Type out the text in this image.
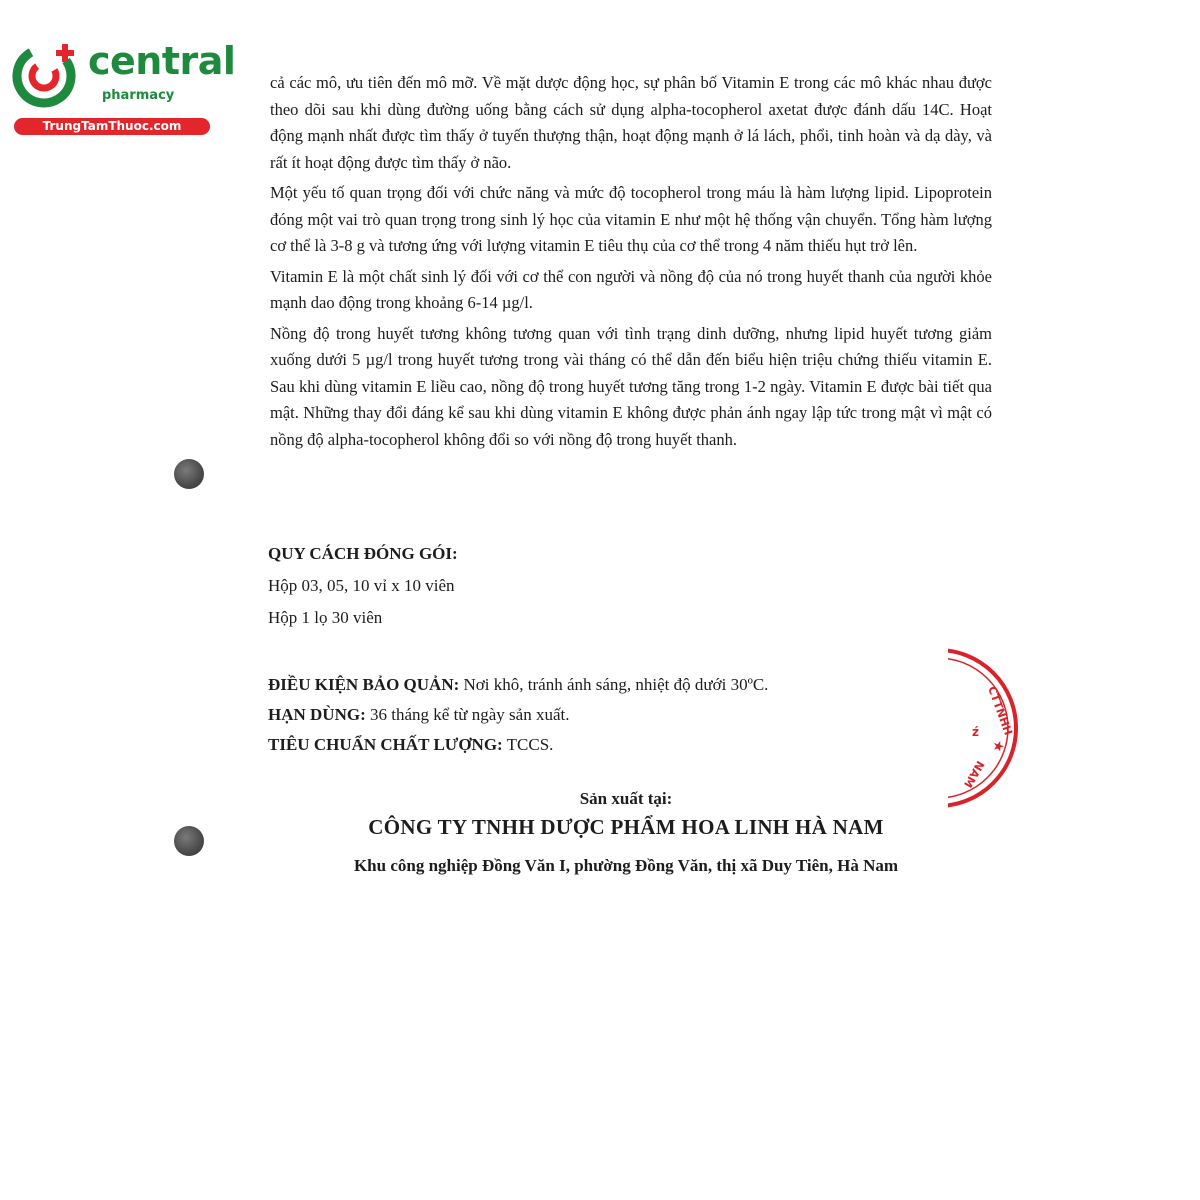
central
pharmacy
TrungTamThuoc.com

cả các mô, ưu tiên đến mô mỡ. Về mặt dược động học, sự phân bố Vitamin E trong các mô khác nhau được theo dõi sau khi dùng đường uống bằng cách sử dụng alpha-tocopherol axetat được đánh dấu 14C. Hoạt động mạnh nhất được tìm thấy ở tuyến thượng thận, hoạt động mạnh ở lá lách, phổi, tinh hoàn và dạ dày, và rất ít hoạt động được tìm thấy ở não.

Một yếu tố quan trọng đối với chức năng và mức độ tocopherol trong máu là hàm lượng lipid. Lipoprotein đóng một vai trò quan trọng trong sinh lý học của vitamin E như một hệ thống vận chuyển. Tổng hàm lượng cơ thể là 3-8 g và tương ứng với lượng vitamin E tiêu thụ của cơ thể trong 4 năm thiếu hụt trở lên.

Vitamin E là một chất sinh lý đối với cơ thể con người và nồng độ của nó trong huyết thanh của người khỏe mạnh dao động trong khoảng 6-14 µg/l.

Nồng độ trong huyết tương không tương quan với tình trạng dinh dưỡng, nhưng lipid huyết tương giảm xuống dưới 5 µg/l trong huyết tương trong vài tháng có thể dẫn đến biểu hiện triệu chứng thiếu vitamin E. Sau khi dùng vitamin E liều cao, nồng độ trong huyết tương tăng trong 1-2 ngày. Vitamin E được bài tiết qua mật. Những thay đổi đáng kể sau khi dùng vitamin E không được phản ánh ngay lập tức trong mật vì mật có nồng độ alpha-tocopherol không đổi so với nồng độ trong huyết thanh.

QUY CÁCH ĐÓNG GÓI:

Hộp 03, 05, 10 vỉ x 10 viên

Hộp 1 lọ 30 viên

ĐIỀU KIỆN BẢO QUẢN: Nơi khô, tránh ánh sáng, nhiệt độ dưới 30ºC.

HẠN DÙNG: 36 tháng kể từ ngày sản xuất.

TIÊU CHUẨN CHẤT LƯỢNG: TCCS.

Sản xuất tại:

CÔNG TY TNHH DƯỢC PHẨM HOA LINH HÀ NAM

Khu công nghiệp Đồng Văn I, phường Đồng Văn, thị xã Duy Tiên, Hà Nam

CTTNHH
★
NAM
ź
